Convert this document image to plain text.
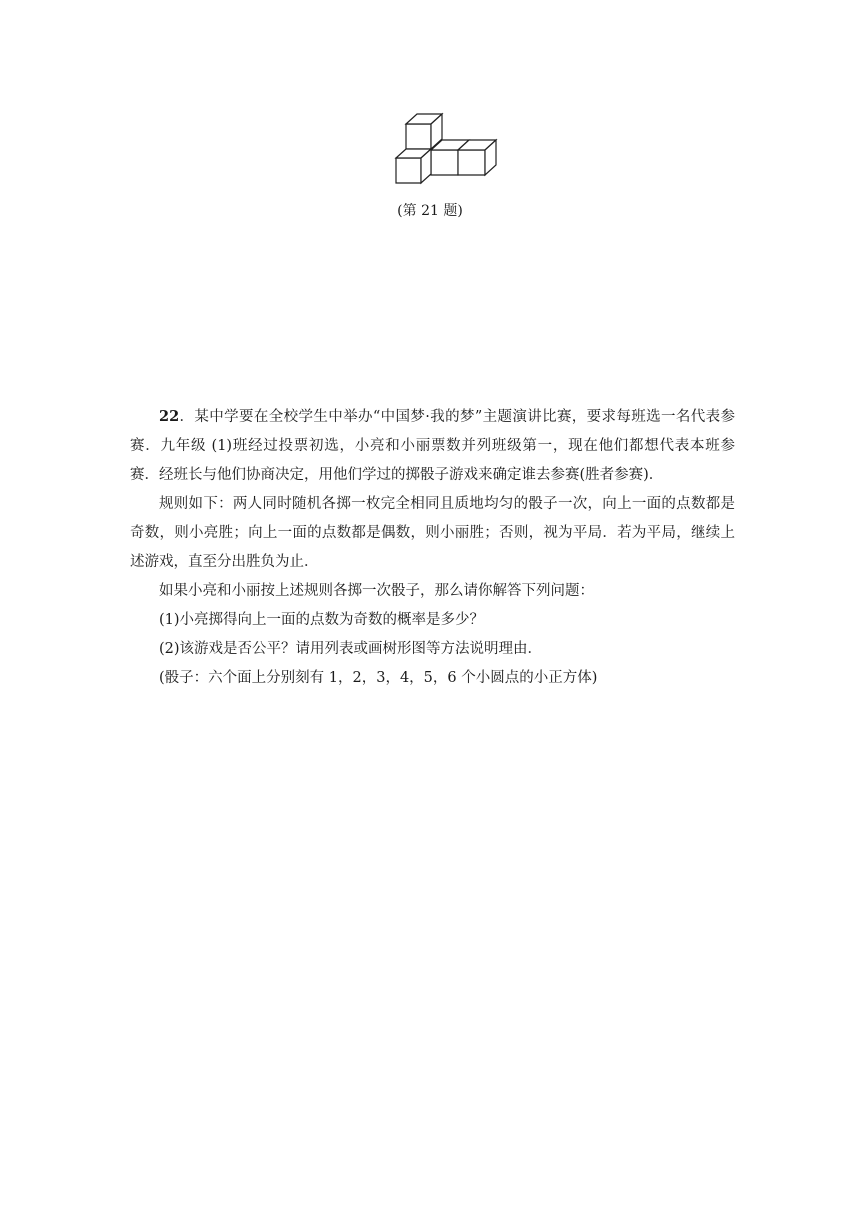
(第 21 题)

22．某中学要在全校学生中举办“中国梦·我的梦”主题演讲比赛，要求每班选一名代表参赛．九年级 (1)班经过投票初选，小亮和小丽票数并列班级第一，现在他们都想代表本班参赛．经班长与他们协商决定，用他们学过的掷骰子游戏来确定谁去参赛(胜者参赛)．

规则如下：两人同时随机各掷一枚完全相同且质地均匀的骰子一次，向上一面的点数都是奇数，则小亮胜；向上一面的点数都是偶数，则小丽胜；否则，视为平局．若为平局，继续上述游戏，直至分出胜负为止．

如果小亮和小丽按上述规则各掷一次骰子，那么请你解答下列问题：

(1)小亮掷得向上一面的点数为奇数的概率是多少？

(2)该游戏是否公平？请用列表或画树形图等方法说明理由．

(骰子：六个面上分别刻有 1，2，3，4，5，6 个小圆点的小正方体)
